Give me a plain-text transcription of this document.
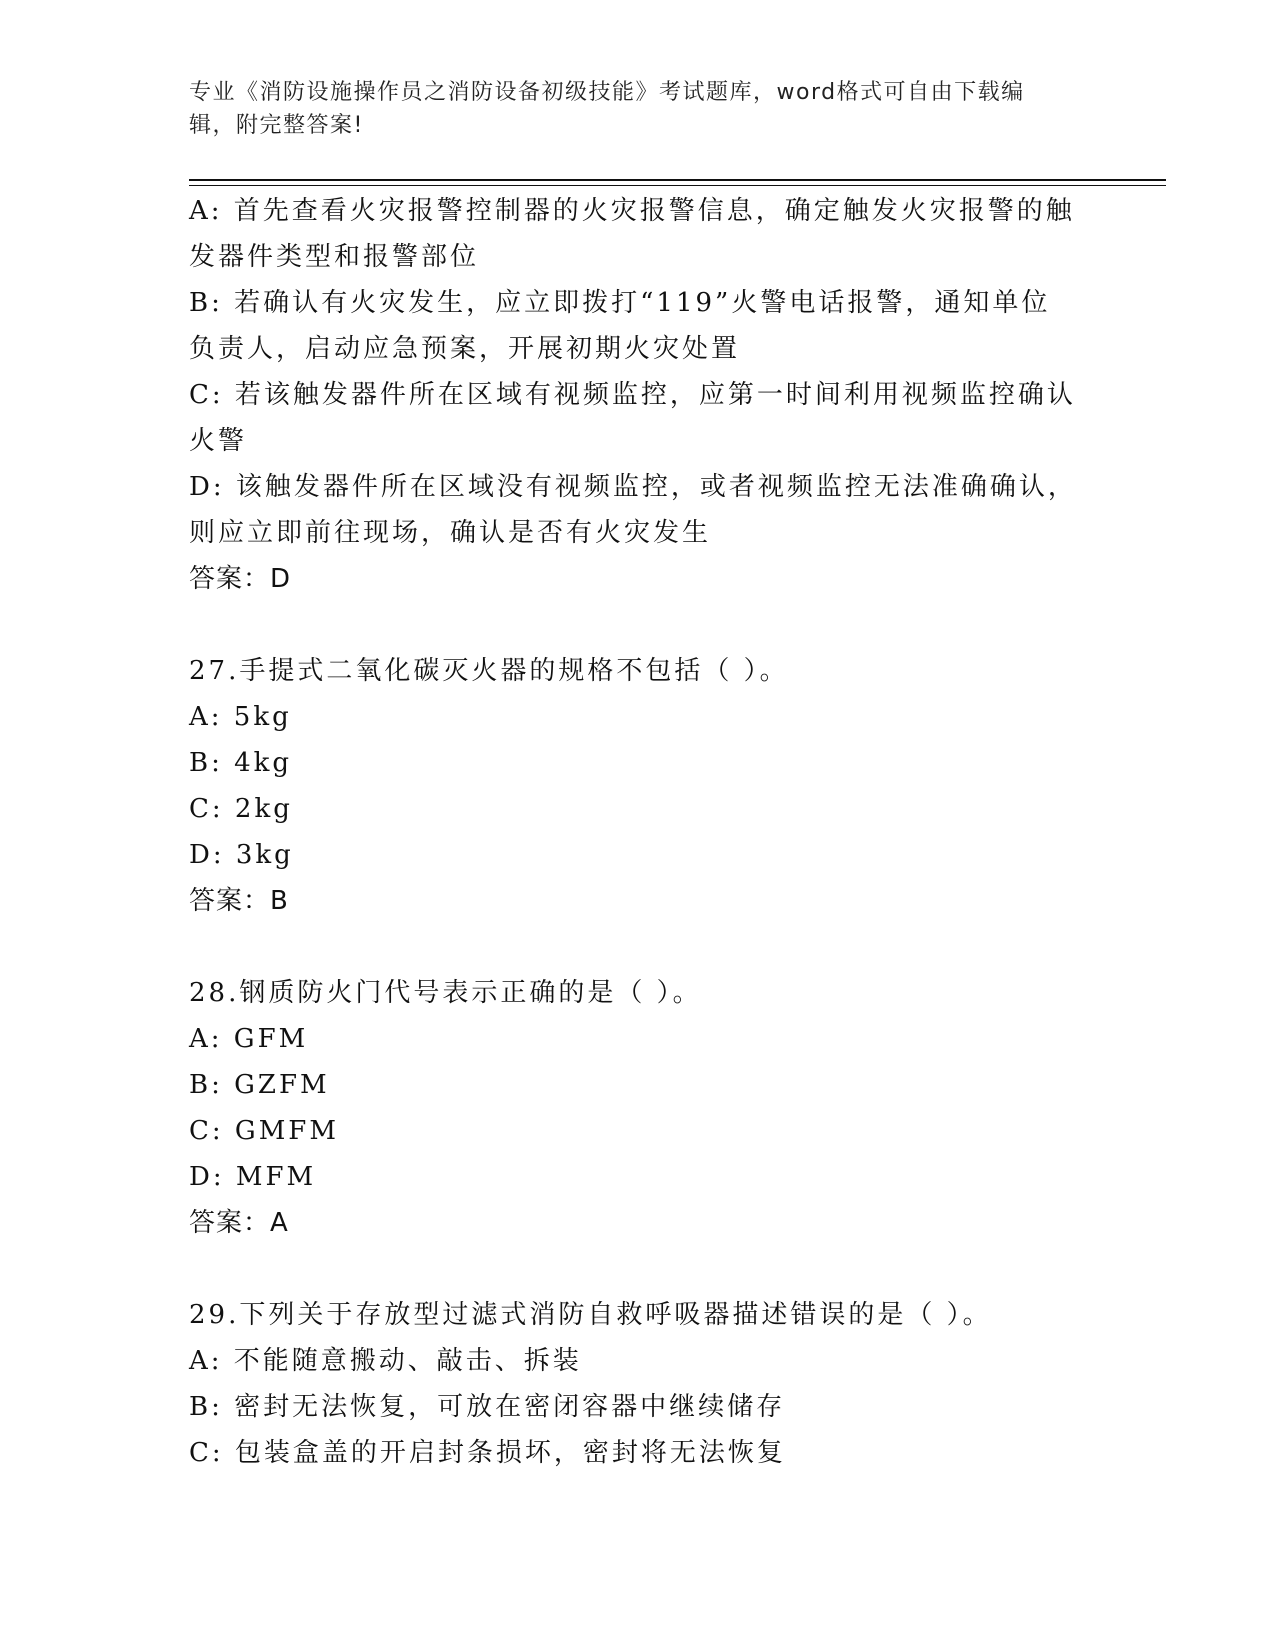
专业《消防设施操作员之消防设备初级技能》考试题库，word格式可自由下载编辑，附完整答案!

A: 首先查看火灾报警控制器的火灾报警信息，确定触发火灾报警的触

发器件类型和报警部位

B: 若确认有火灾发生，应立即拨打“119”火警电话报警，通知单位

负责人，启动应急预案，开展初期火灾处置

C: 若该触发器件所在区域有视频监控，应第一时间利用视频监控确认

火警

D: 该触发器件所在区域没有视频监控，或者视频监控无法准确确认，

则应立即前往现场，确认是否有火灾发生

答案：D

27.手提式二氧化碳灭火器的规格不包括（ ）。

A: 5kg

B: 4kg

C: 2kg

D: 3kg

答案：B

28.钢质防火门代号表示正确的是（ ）。

A: GFM

B: GZFM

C: GMFM

D: MFM

答案：A

29.下列关于存放型过滤式消防自救呼吸器描述错误的是（ ）。

A: 不能随意搬动、敲击、拆装

B: 密封无法恢复，可放在密闭容器中继续储存

C: 包装盒盖的开启封条损坏，密封将无法恢复
